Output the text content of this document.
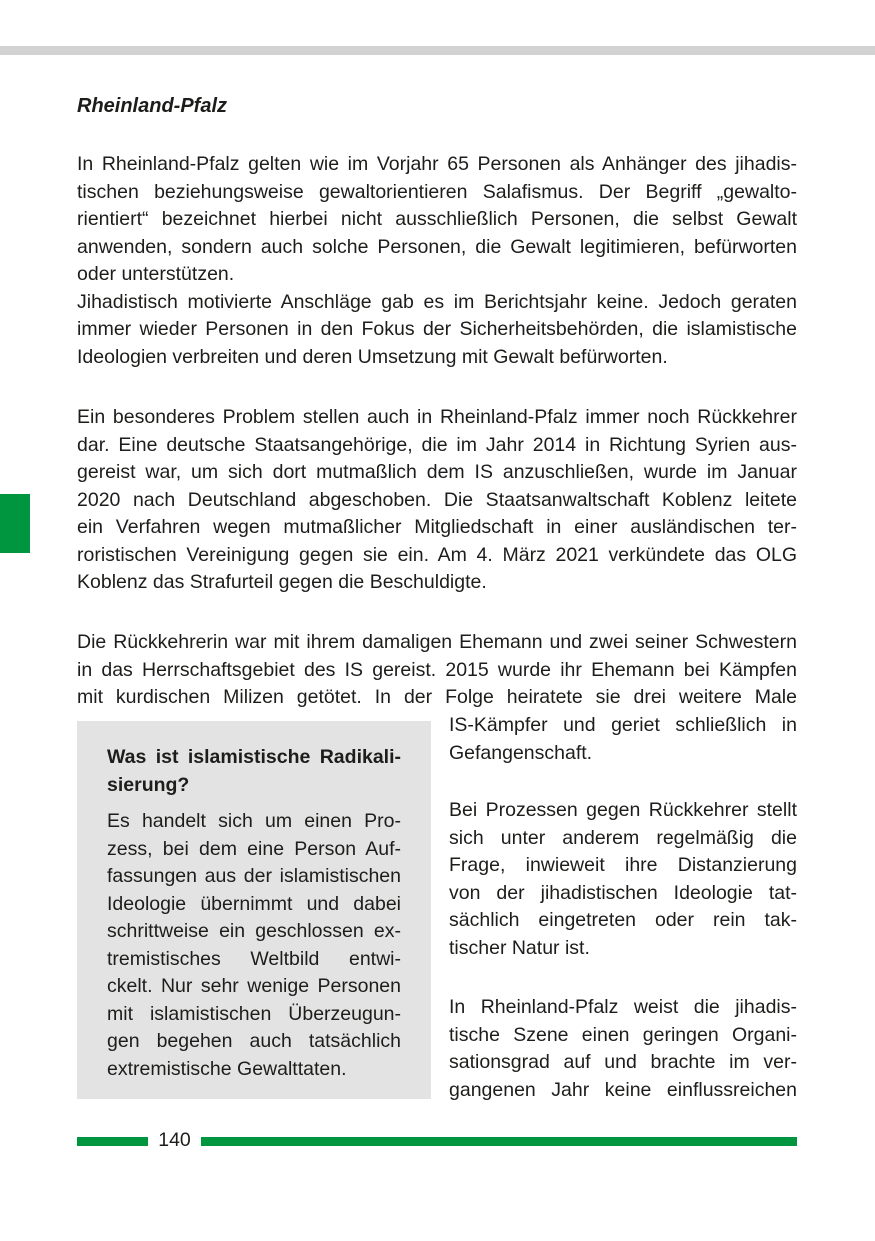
Rheinland-Pfalz
In Rheinland-Pfalz gelten wie im Vorjahr 65 Personen als Anhänger des jihadis-
tischen beziehungsweise gewaltorientieren Salafismus. Der Begriff „gewalto-
rientiert“ bezeichnet hierbei nicht ausschließlich Personen, die selbst Gewalt
anwenden, sondern auch solche Personen, die Gewalt legitimieren, befürworten
oder unterstützen.
Jihadistisch motivierte Anschläge gab es im Berichtsjahr keine. Jedoch geraten
immer wieder Personen in den Fokus der Sicherheitsbehörden, die islamistische
Ideologien verbreiten und deren Umsetzung mit Gewalt befürworten.
Ein besonderes Problem stellen auch in Rheinland-Pfalz immer noch Rückkehrer
dar. Eine deutsche Staatsangehörige, die im Jahr 2014 in Richtung Syrien aus-
gereist war, um sich dort mutmaßlich dem IS anzuschließen, wurde im Januar
2020 nach Deutschland abgeschoben. Die Staatsanwaltschaft Koblenz leitete
ein Verfahren wegen mutmaßlicher Mitgliedschaft in einer ausländischen ter-
roristischen Vereinigung gegen sie ein. Am 4. März 2021 verkündete das OLG
Koblenz das Strafurteil gegen die Beschuldigte.
Die Rückkehrerin war mit ihrem damaligen Ehemann und zwei seiner Schwestern
in das Herrschaftsgebiet des IS gereist. 2015 wurde ihr Ehemann bei Kämpfen
mit kurdischen Milizen getötet. In der Folge heiratete sie drei weitere Male
IS-Kämpfer und geriet schließlich in
Gefangenschaft.
Bei Prozessen gegen Rückkehrer stellt
sich unter anderem regelmäßig die
Frage, inwieweit ihre Distanzierung
von der jihadistischen Ideologie tat-
sächlich eingetreten oder rein tak-
tischer Natur ist.
In Rheinland-Pfalz weist die jihadis-
tische Szene einen geringen Organi-
sationsgrad auf und brachte im ver-
gangenen Jahr keine einflussreichen
Was ist islamistische Radikali-
sierung?
Es handelt sich um einen Pro-
zess, bei dem eine Person Auf-
fassungen aus der islamistischen
Ideologie übernimmt und dabei
schrittweise ein geschlossen ex-
tremistisches Weltbild entwi-
ckelt. Nur sehr wenige Personen
mit islamistischen Überzeugun-
gen begehen auch tatsächlich
extremistische Gewalttaten.
140
